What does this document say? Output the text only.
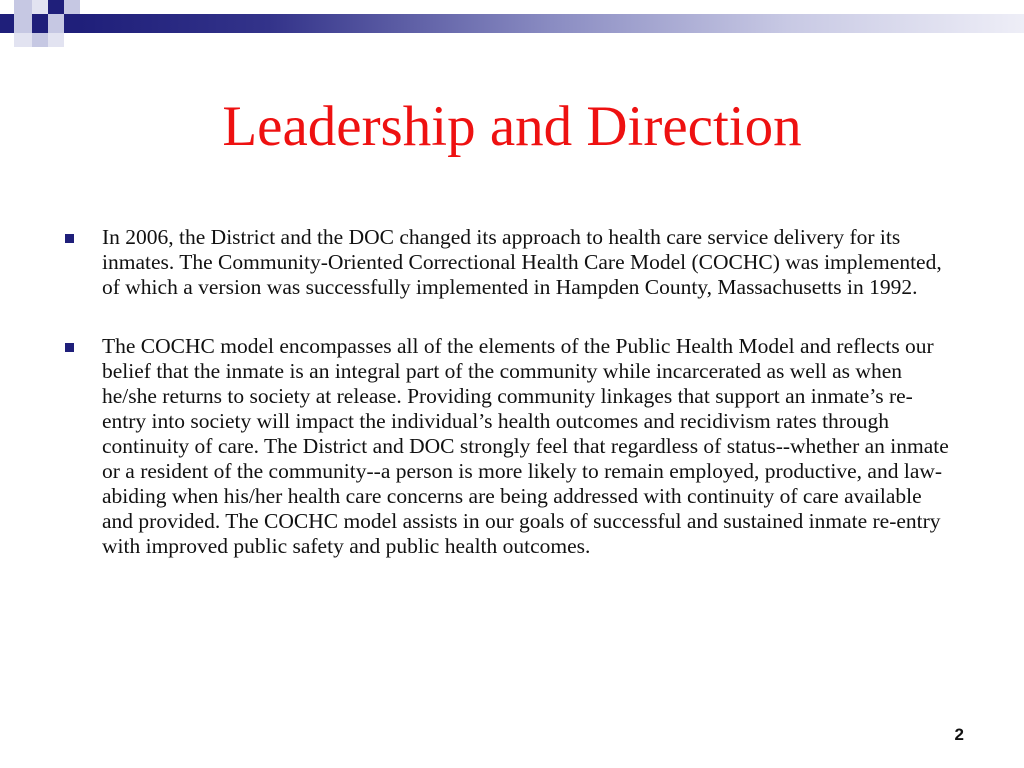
Leadership and Direction
In 2006, the District and the DOC changed its approach to health care service delivery for its inmates. The Community-Oriented Correctional Health Care Model (COCHC) was implemented, of which a version was successfully implemented in Hampden County, Massachusetts in 1992.
The COCHC model encompasses all of the elements of the Public Health Model and reflects our belief that the inmate is an integral part of the community while incarcerated as well as when he/she returns to society at release. Providing community linkages that support an inmate’s re-entry into society will impact the individual’s health outcomes and recidivism rates through continuity of care. The District and DOC strongly feel that regardless of status--whether an inmate or a resident of the community--a person is more likely to remain employed, productive, and law-abiding when his/her health care concerns are being addressed with continuity of care available and provided. The COCHC model assists in our goals of successful and sustained inmate re-entry with improved public safety and public health outcomes.
2
